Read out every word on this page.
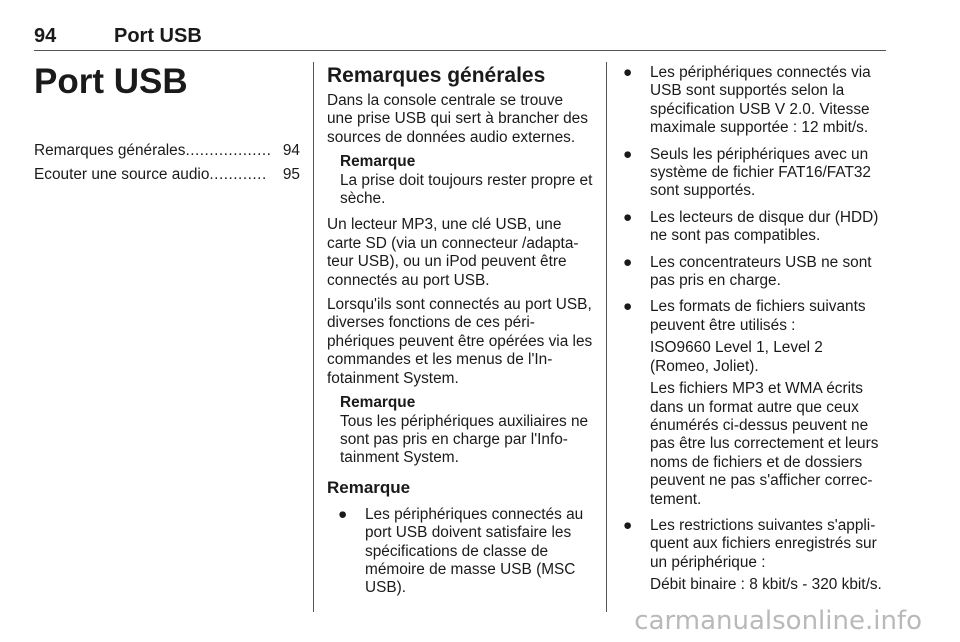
94	Port USB
Port USB
Remarques générales .................. 94
Ecouter une source audio ............	95
Remarques générales

Dans la console centrale se trouve une prise USB qui sert à brancher des sources de données audio externes.

Remarque
La prise doit toujours rester propre et sèche.

Un lecteur MP3, une clé USB, une carte SD (via un connecteur /adapta-teur USB), ou un iPod peuvent être connectés au port USB.

Lorsqu'ils sont connectés au port USB, diverses fonctions de ces péri-phériques peuvent être opérées via les commandes et les menus de l'In-fotainment System.

Remarque
Tous les périphériques auxiliaires ne sont pas pris en charge par l'Info-tainment System.
Remarque
● Les périphériques connectés au port USB doivent satisfaire les spécifications de classe de mémoire de masse USB (MSC USB).
● Les périphériques connectés via USB sont supportés selon la spécification USB V 2.0. Vitesse maximale supportée : 12 mbit/s.
● Seuls les périphériques avec un système de fichier FAT16/FAT32 sont supportés.
● Les lecteurs de disque dur (HDD) ne sont pas compatibles.
● Les concentrateurs USB ne sont pas pris en charge.
● Les formats de fichiers suivants peuvent être utilisés :
ISO9660 Level 1, Level 2 (Romeo, Joliet).
Les fichiers MP3 et WMA écrits dans un format autre que ceux énumérés ci-dessus peuvent ne pas être lus correctement et leurs noms de fichiers et de dossiers peuvent ne pas s'afficher correc-tement.
● Les restrictions suivantes s'appli-quent aux fichiers enregistrés sur un périphérique :
Débit binaire : 8 kbit/s - 320 kbit/s.
carmanualsonline.info
